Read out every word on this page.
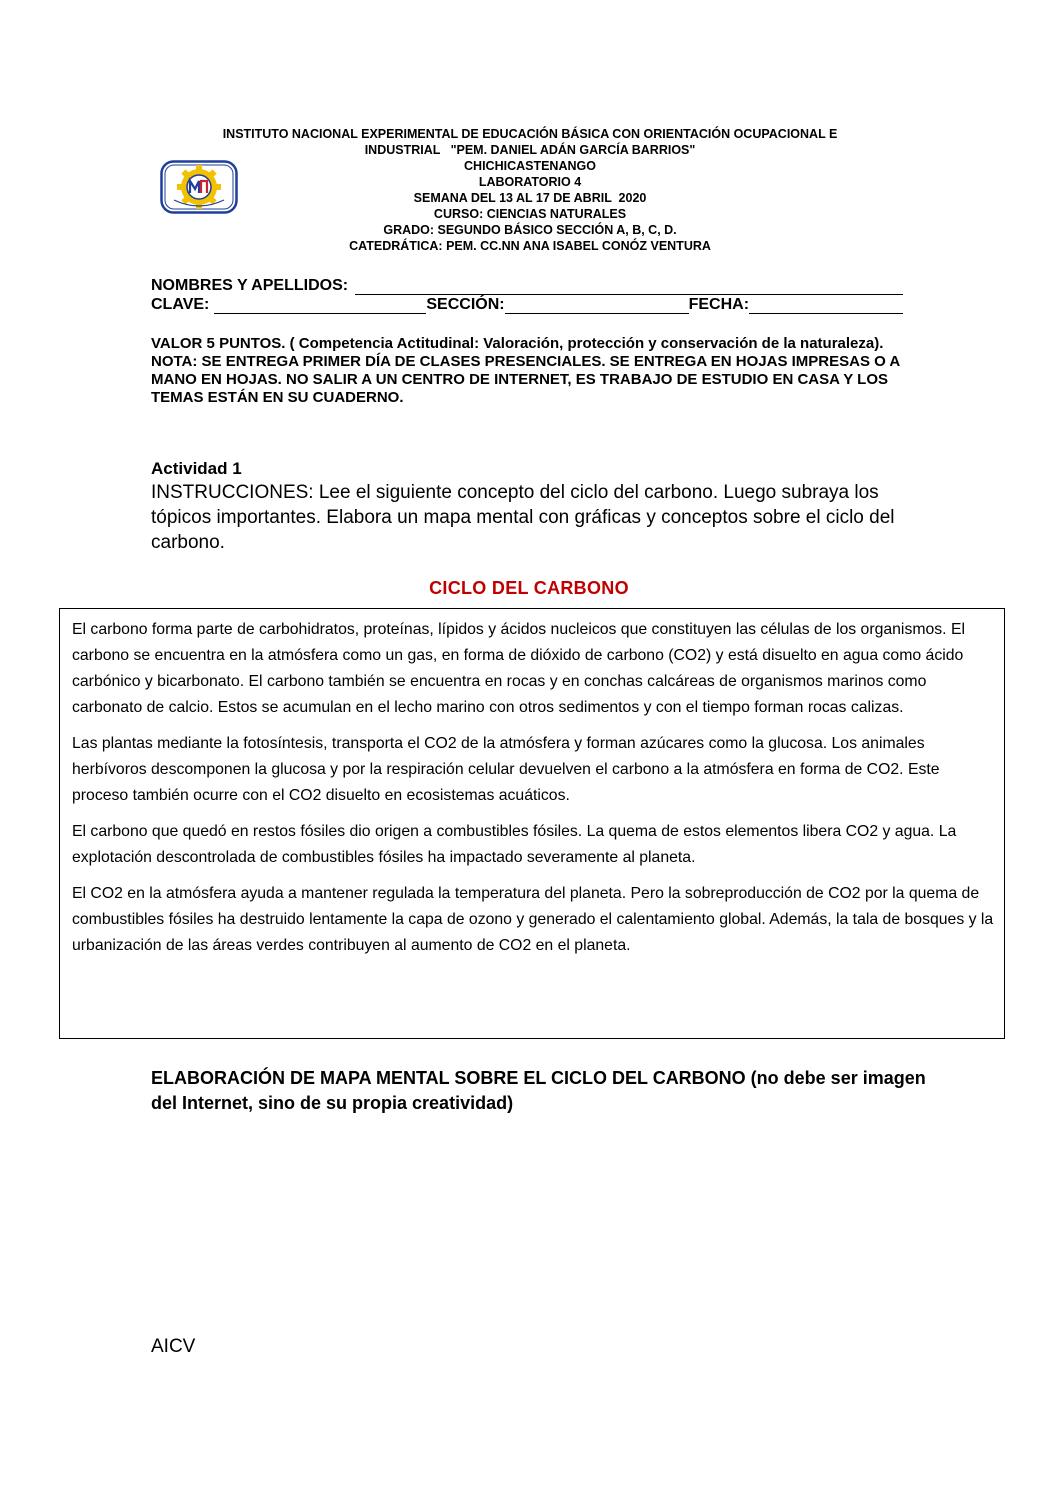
INSTITUTO NACIONAL EXPERIMENTAL DE EDUCACIÓN BÁSICA CON ORIENTACIÓN OCUPACIONAL E
INDUSTRIAL   "PEM. DANIEL ADÁN GARCÍA BARRIOS"
CHICHICASTENANGO
LABORATORIO 4
SEMANA DEL 13 AL 17 DE ABRIL  2020
CURSO: CIENCIAS NATURALES
GRADO: SEGUNDO BÁSICO SECCIÓN A, B, C, D.
CATEDRÁTICA: PEM. CC.NN ANA ISABEL CONÓZ VENTURA
NOMBRES Y APELLIDOS:
CLAVE:	SECCIÓN:	FECHA:

VALOR 5 PUNTOS. ( Competencia Actitudinal: Valoración, protección y conservación de la naturaleza).

NOTA: SE ENTREGA PRIMER DÍA DE CLASES PRESENCIALES. SE ENTREGA EN HOJAS IMPRESAS O A MANO EN HOJAS. NO SALIR A UN CENTRO DE INTERNET, ES TRABAJO DE ESTUDIO EN CASA Y LOS TEMAS ESTÁN EN SU CUADERNO.

Actividad 1
INSTRUCCIONES: Lee el siguiente concepto del ciclo del carbono. Luego subraya los tópicos importantes. Elabora un mapa mental con gráficas y conceptos sobre el ciclo del carbono.
CICLO DEL CARBONO

El carbono forma parte de carbohidratos, proteínas, lípidos y ácidos nucleicos que constituyen las células de los organismos. El carbono se encuentra en la atmósfera como un gas, en forma de dióxido de carbono (CO2) y está disuelto en agua como ácido carbónico y bicarbonato. El carbono también se encuentra en rocas y en conchas calcáreas de organismos marinos como carbonato de calcio. Estos se acumulan en el lecho marino con otros sedimentos y con el tiempo forman rocas calizas.

Las plantas mediante la fotosíntesis, transporta el CO2 de la atmósfera y forman azúcares como la glucosa. Los animales herbívoros descomponen la glucosa y por la respiración celular devuelven el carbono a la atmósfera en forma de CO2. Este proceso también ocurre con el CO2 disuelto en ecosistemas acuáticos.

El carbono que quedó en restos fósiles dio origen a combustibles fósiles. La quema de estos elementos libera CO2 y agua. La explotación descontrolada de combustibles fósiles ha impactado severamente al planeta.

El CO2 en la atmósfera ayuda a mantener regulada la temperatura del planeta. Pero la sobreproducción de CO2 por la quema de combustibles fósiles ha destruido lentamente la capa de ozono y generado el calentamiento global. Además, la tala de bosques y la urbanización de las áreas verdes contribuyen al aumento de CO2 en el planeta.

ELABORACIÓN DE MAPA MENTAL SOBRE EL CICLO DEL CARBONO (no debe ser imagen del Internet, sino de su propia creatividad)
AICV
